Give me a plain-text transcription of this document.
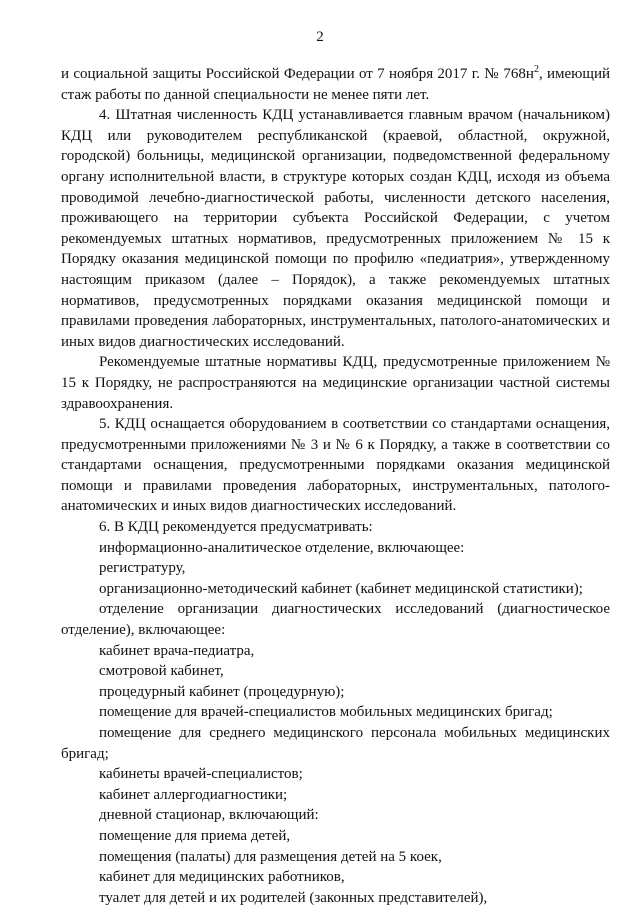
2

и социальной защиты Российской Федерации от 7 ноября 2017 г. № $768н^2$, имеющий стаж работы по данной специальности не менее пяти лет.

4. Штатная численность КДЦ устанавливается главным врачом (начальником) КДЦ или руководителем республиканской (краевой, областной, окружной, городской) больницы, медицинской организации, подведомственной федеральному органу исполнительной власти, в структуре которых создан КДЦ, исходя из объема проводимой лечебно-диагностической работы, численности детского населения, проживающего на территории субъекта Российской Федерации, с учетом рекомендуемых штатных нормативов, предусмотренных приложением № 15 к Порядку оказания медицинской помощи по профилю «педиатрия», утвержденному настоящим приказом (далее – Порядок), а также рекомендуемых штатных нормативов, предусмотренных порядками оказания медицинской помощи и правилами проведения лабораторных, инструментальных, патолого-анатомических и иных видов диагностических исследований.

Рекомендуемые штатные нормативы КДЦ, предусмотренные приложением № 15 к Порядку, не распространяются на медицинские организации частной системы здравоохранения.

5. КДЦ оснащается оборудованием в соответствии со стандартами оснащения, предусмотренными приложениями № 3 и № 6 к Порядку, а также в соответствии со стандартами оснащения, предусмотренными порядками оказания медицинской помощи и правилами проведения лабораторных, инструментальных, патологоанатомических и иных видов диагностических исследований.

6. В КДЦ рекомендуется предусматривать:

информационно-аналитическое отделение, включающее:

регистратуру,

организационно-методический кабинет (кабинет медицинской статистики);

отделение организации диагностических исследований (диагностическое отделение), включающее:

кабинет врача-педиатра,

смотровой кабинет,

процедурный кабинет (процедурную);

помещение для врачей-специалистов мобильных медицинских бригад;

помещение для среднего медицинского персонала мобильных медицинских бригад;

кабинеты врачей-специалистов;

кабинет аллергодиагностики;

дневной стационар, включающий:

помещение для приема детей,

помещения (палаты) для размещения детей на 5 коек,

кабинет для медицинских работников,

туалет для детей и их родителей (законных представителей),
